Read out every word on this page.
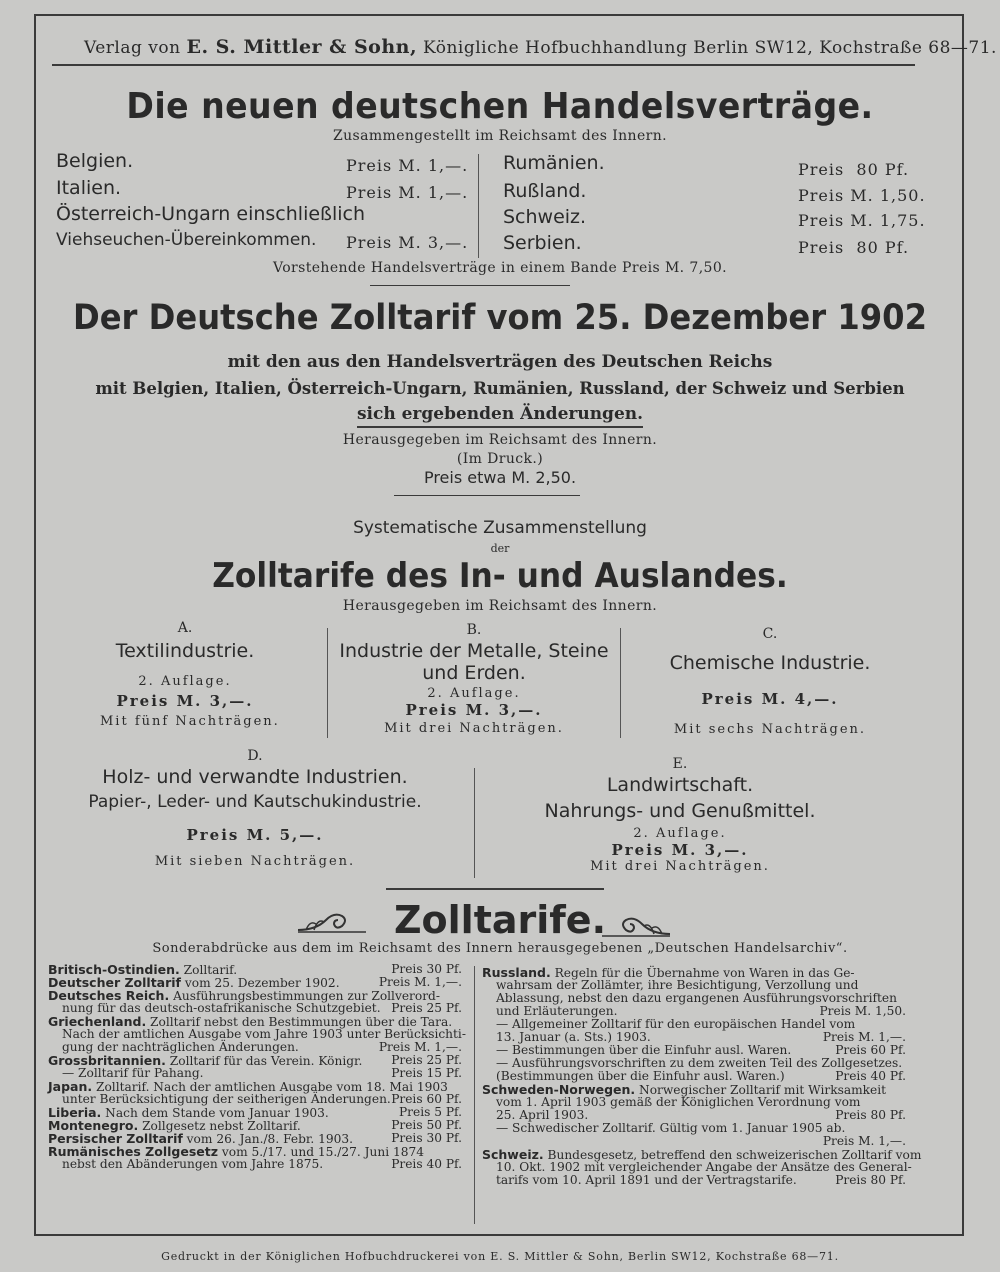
Verlag von E. S. Mittler & Sohn, Königliche Hofbuchhandlung Berlin SW12, Kochstraße 68—71.
Die neuen deutschen Handelsverträge.
Zusammengestellt im Reichsamt des Innern.
Belgien.	Preis M. 1,—.
Italien.	Preis M. 1,—.
Österreich-Ungarn einschließlich
Viehseuchen-Übereinkommen. Preis M. 3,—.
Rumänien.	Preis  80 Pf.
Rußland.	Preis M. 1,50.
Schweiz.	Preis M. 1,75.
Serbien.	Preis  80 Pf.
Vorstehende Handelsverträge in einem Bande Preis M. 7,50.
Der Deutsche Zolltarif vom 25. Dezember 1902
mit den aus den Handelsverträgen des Deutschen Reichs
mit Belgien, Italien, Österreich-Ungarn, Rumänien, Russland, der Schweiz und Serbien
sich ergebenden Änderungen.
Herausgegeben im Reichsamt des Innern.
(Im Druck.)
Preis etwa M. 2,50.
Systematische Zusammenstellung
der
Zolltarife des In- und Auslandes.
Herausgegeben im Reichsamt des Innern.
A.
Textilindustrie.
2. Auflage.
Preis M. 3,—.
Mit fünf Nachträgen.
B.
Industrie der Metalle, Steine
und Erden.
2. Auflage.
Preis M. 3,—.
Mit drei Nachträgen.
C.
Chemische Industrie.
Preis M. 4,—.
Mit sechs Nachträgen.
D.
Holz- und verwandte Industrien.
Papier-, Leder- und Kautschukindustrie.
Preis M. 5,—.
Mit sieben Nachträgen.
E.
Landwirtschaft.
Nahrungs- und Genußmittel.
2. Auflage.
Preis M. 3,—.
Mit drei Nachträgen.
Zolltarife.
Sonderabdrücke aus dem im Reichsamt des Innern herausgegebenen „Deutschen Handelsarchiv“.
Britisch-Ostindien. Zolltarif.	Preis 30 Pf.
Deutscher Zolltarif vom 25. Dezember 1902.	Preis M. 1,—.
Deutsches Reich. Ausführungsbestimmungen zur Zollverord-
nung für das deutsch-ostafrikanische Schutzgebiet. Preis 25 Pf.
Griechenland. Zolltarif nebst den Bestimmungen über die Tara.
Nach der amtlichen Ausgabe vom Jahre 1903 unter Berücksichti-
gung der nachträglichen Änderungen.	Preis M. 1,—.
Grossbritannien. Zolltarif für das Verein. Königr. Preis 25 Pf.
— Zolltarif für Pahang.	Preis 15 Pf.
Japan. Zolltarif. Nach der amtlichen Ausgabe vom 18. Mai 1903
unter Berücksichtigung der seitherigen Änderungen. Preis 60 Pf.
Liberia. Nach dem Stande vom Januar 1903.	Preis 5 Pf.
Montenegro. Zollgesetz nebst Zolltarif.	Preis 50 Pf.
Persischer Zolltarif vom 26. Jan./8. Febr. 1903.	Preis 30 Pf.
Rumänisches Zollgesetz vom 5./17. und 15./27. Juni 1874
nebst den Abänderungen vom Jahre 1875.	Preis 40 Pf.
Russland. Regeln für die Übernahme von Waren in das Ge-
wahrsam der Zollämter, ihre Besichtigung, Verzollung und
Ablassung, nebst den dazu ergangenen Ausführungsvorschriften
und Erläuterungen.	Preis M. 1,50.
— Allgemeiner Zolltarif für den europäischen Handel vom
13. Januar (a. Sts.) 1903.	Preis M. 1,—.
— Bestimmungen über die Einfuhr ausl. Waren.	Preis 60 Pf.
— Ausführungsvorschriften zu dem zweiten Teil des Zollgesetzes.
(Bestimmungen über die Einfuhr ausl. Waren.)	Preis 40 Pf.
Schweden-Norwegen. Norwegischer Zolltarif mit Wirksamkeit
vom 1. April 1903 gemäß der Königlichen Verordnung vom
25. April 1903.	Preis 80 Pf.
— Schwedischer Zolltarif. Gültig vom 1. Januar 1905 ab.
Preis M. 1,—.
Schweiz. Bundesgesetz, betreffend den schweizerischen Zolltarif vom
10. Okt. 1902 mit vergleichender Angabe der Ansätze des General-
tarifs vom 10. April 1891 und der Vertragstarife.	Preis 80 Pf.
Gedruckt in der Königlichen Hofbuchdruckerei von E. S. Mittler & Sohn, Berlin SW12, Kochstraße 68—71.
